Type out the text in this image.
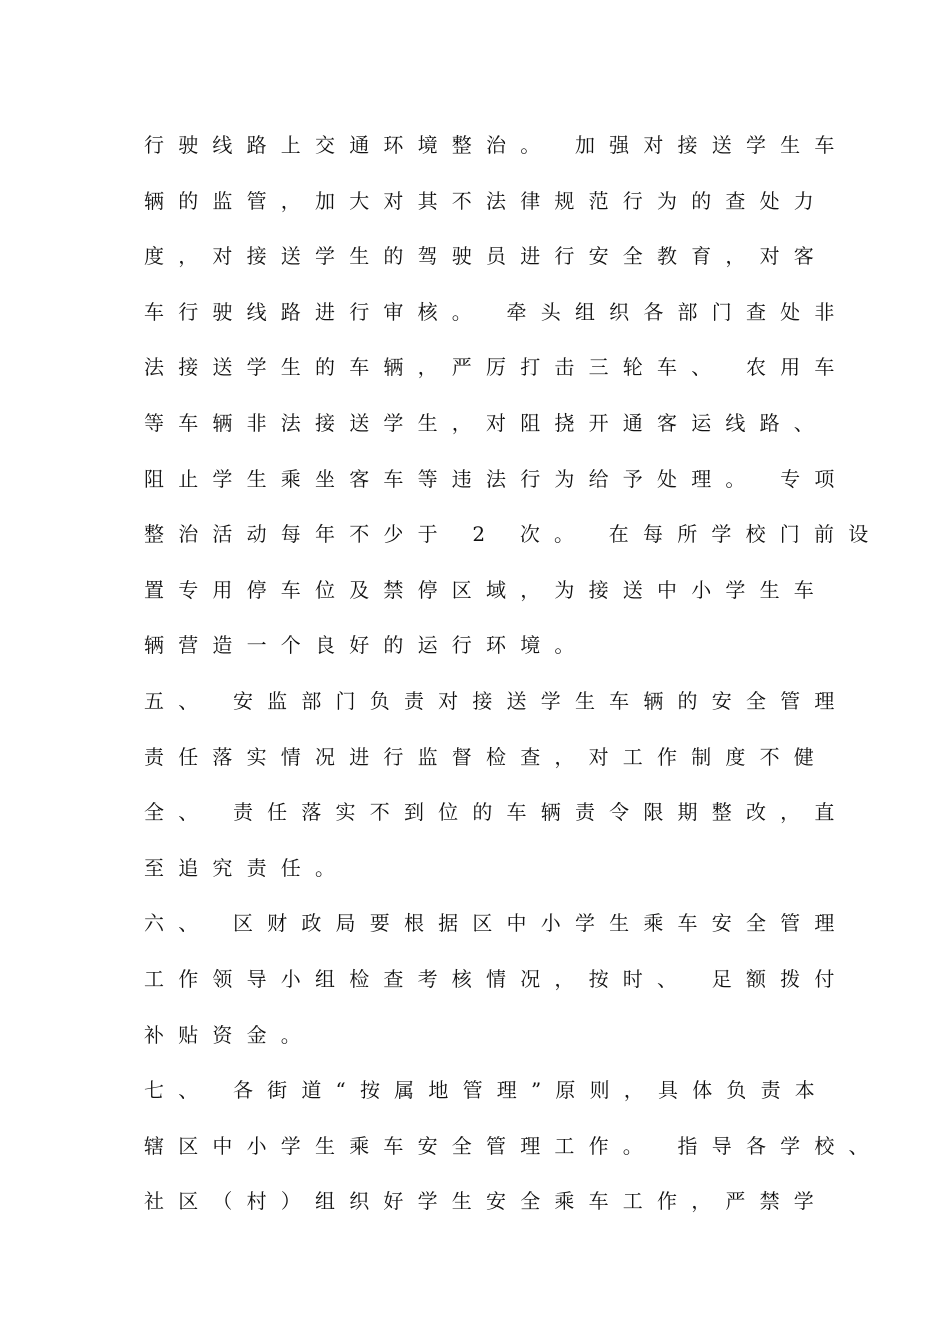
行驶线路上交通环境整治。 加强对接送学生车
辆的监管，加大对其不法律规范行为的查处力
度，对接送学生的驾驶员进行安全教育，对客
车行驶线路进行审核。 牵头组织各部门查处非
法接送学生的车辆，严厉打击三轮车、 农用车
等车辆非法接送学生，对阻挠开通客运线路、
阻止学生乘坐客车等违法行为给予处理。 专项
整治活动每年不少于 2 次。 在每所学校门前设
置专用停车位及禁停区域，为接送中小学生车
辆营造一个良好的运行环境。
五、 安监部门负责对接送学生车辆的安全管理
责任落实情况进行监督检查，对工作制度不健
全、 责任落实不到位的车辆责令限期整改，直
至追究责任。
六、 区财政局要根据区中小学生乘车安全管理
工作领导小组检查考核情况，按时、 足额拨付
补贴资金。
七、 各街道“按属地管理”原则，具体负责本
辖区中小学生乘车安全管理工作。 指导各学校、
社区（村）组织好学生安全乘车工作，严禁学
